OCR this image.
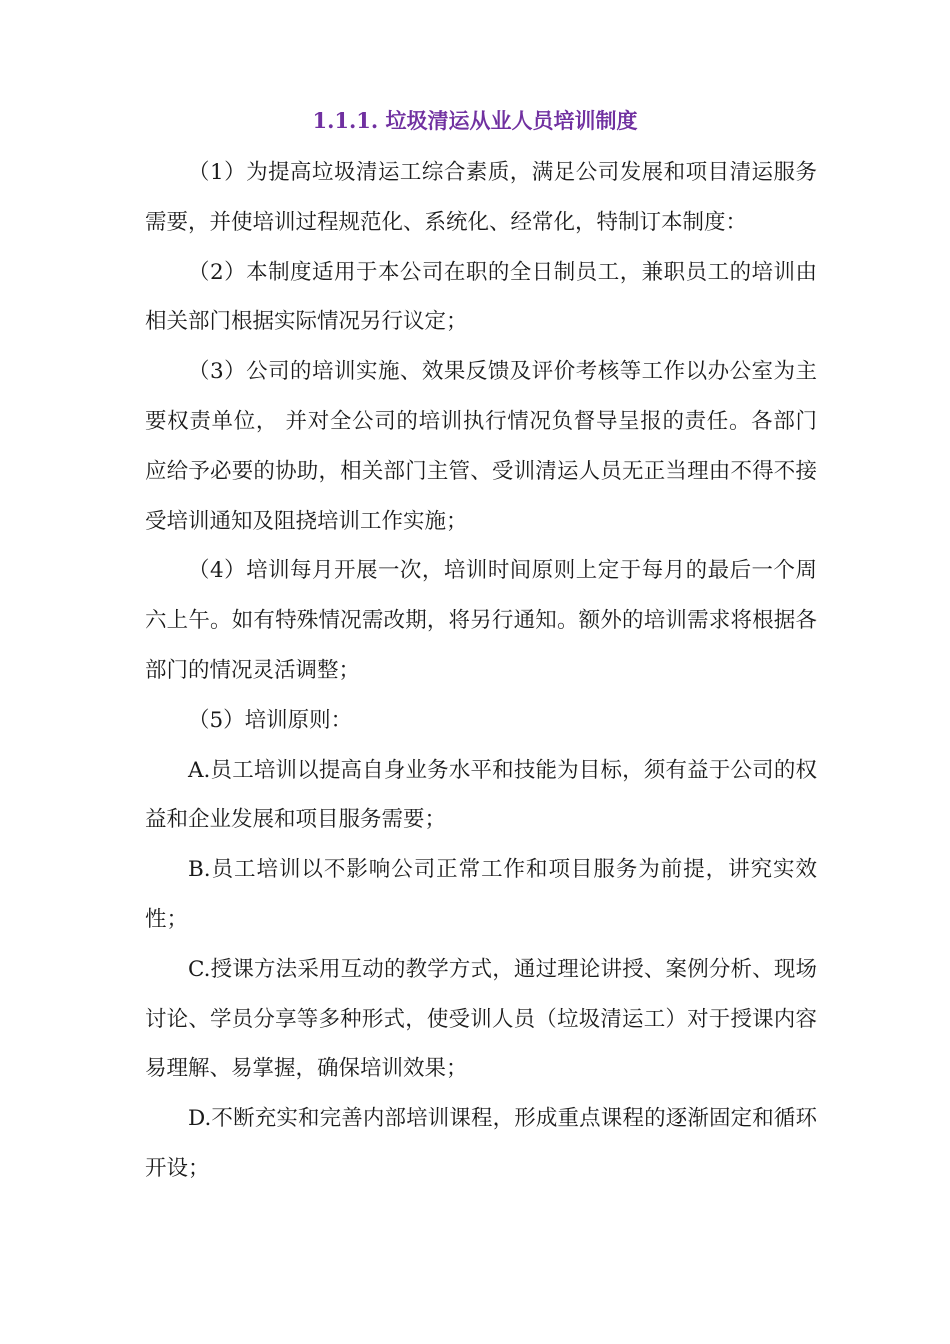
1.1.1. 垃圾清运从业人员培训制度

（1）为提高垃圾清运工综合素质，满足公司发展和项目清运服务需要，并使培训过程规范化、系统化、经常化，特制订本制度：

（2）本制度适用于本公司在职的全日制员工，兼职员工的培训由相关部门根据实际情况另行议定；

（3）公司的培训实施、效果反馈及评价考核等工作以办公室为主要权责单位， 并对全公司的培训执行情况负督导呈报的责任。各部门应给予必要的协助，相关部门主管、受训清运人员无正当理由不得不接受培训通知及阻挠培训工作实施；

（4）培训每月开展一次，培训时间原则上定于每月的最后一个周六上午。如有特殊情况需改期，将另行通知。额外的培训需求将根据各部门的情况灵活调整；

（5）培训原则：

A.员工培训以提高自身业务水平和技能为目标，须有益于公司的权益和企业发展和项目服务需要；

B.员工培训以不影响公司正常工作和项目服务为前提，讲究实效性；

C.授课方法采用互动的教学方式，通过理论讲授、案例分析、现场讨论、学员分享等多种形式，使受训人员（垃圾清运工）对于授课内容易理解、易掌握，确保培训效果；

D.不断充实和完善内部培训课程，形成重点课程的逐渐固定和循环开设；
